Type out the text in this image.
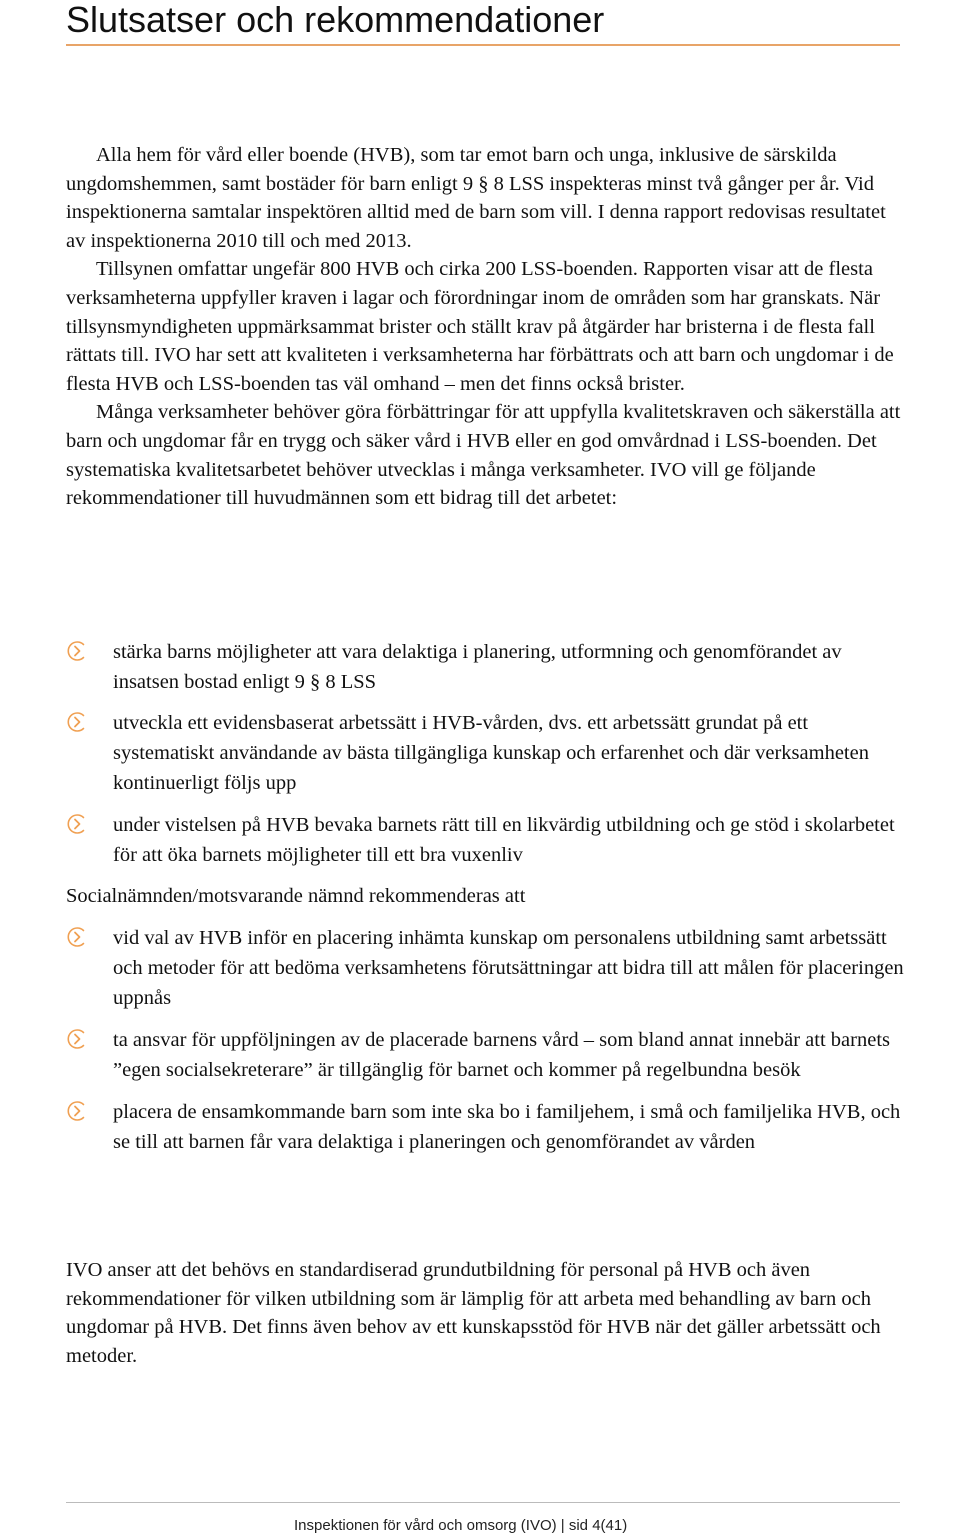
Slutsatser och rekommendationer

Alla hem för vård eller boende (HVB), som tar emot barn och unga, inklusive de särskilda ungdomshemmen, samt bostäder för barn enligt 9 § 8 LSS inspekteras minst två gånger per år. Vid inspektionerna samtalar inspektören alltid med de barn som vill. I denna rapport redovisas resultatet av inspektionerna 2010 till och med 2013.

Tillsynen omfattar ungefär 800 HVB och cirka 200 LSS-boenden. Rapporten visar att de flesta verksamheterna uppfyller kraven i lagar och förordningar inom de områden som har granskats. När tillsynsmyndigheten uppmärksammat brister och ställt krav på åtgärder har bristerna i de flesta fall rättats till. IVO har sett att kvaliteten i verksamheterna har förbättrats och att barn och ungdomar i de flesta HVB och LSS-boenden tas väl omhand – men det finns också brister.

Många verksamheter behöver göra förbättringar för att uppfylla kvalitetskraven och säkerställa att barn och ungdomar får en trygg och säker vård i HVB eller en god omvårdnad i LSS-boenden. Det systematiska kvalitetsarbetet behöver utvecklas i många verksamheter. IVO vill ge följande rekommendationer till huvudmännen som ett bidrag till det arbetet:

stärka barns möjligheter att vara delaktiga i planering, utformning och genomförandet av insatsen bostad enligt 9 § 8 LSS
utveckla ett evidensbaserat arbetssätt i HVB-vården, dvs. ett arbetssätt grundat på ett systematiskt användande av bästa tillgängliga kunskap och erfarenhet och där verksamheten kontinuerligt följs upp
under vistelsen på HVB bevaka barnets rätt till en likvärdig utbildning och ge stöd i skolarbetet för att öka barnets möjligheter till ett bra vuxenliv

Socialnämnden/motsvarande nämnd rekommenderas att

vid val av HVB inför en placering inhämta kunskap om personalens utbildning samt arbetssätt och metoder för att bedöma verksamhetens förutsättningar att bidra till att målen för placeringen uppnås
ta ansvar för uppföljningen av de placerade barnens vård – som bland annat innebär att barnets ”egen socialsekreterare” är tillgänglig för barnet och kommer på regelbundna besök
placera de ensamkommande barn som inte ska bo i familjehem, i små och familjelika HVB, och se till att barnen får vara delaktiga i planeringen och genomförandet av vården

IVO anser att det behövs en standardiserad grundutbildning för personal på HVB och även rekommendationer för vilken utbildning som är lämplig för att arbeta med behandling av barn och ungdomar på HVB. Det finns även behov av ett kunskapsstöd för HVB när det gäller arbetssätt och metoder.

Inspektionen för vård och omsorg (IVO) | sid 4(41)
